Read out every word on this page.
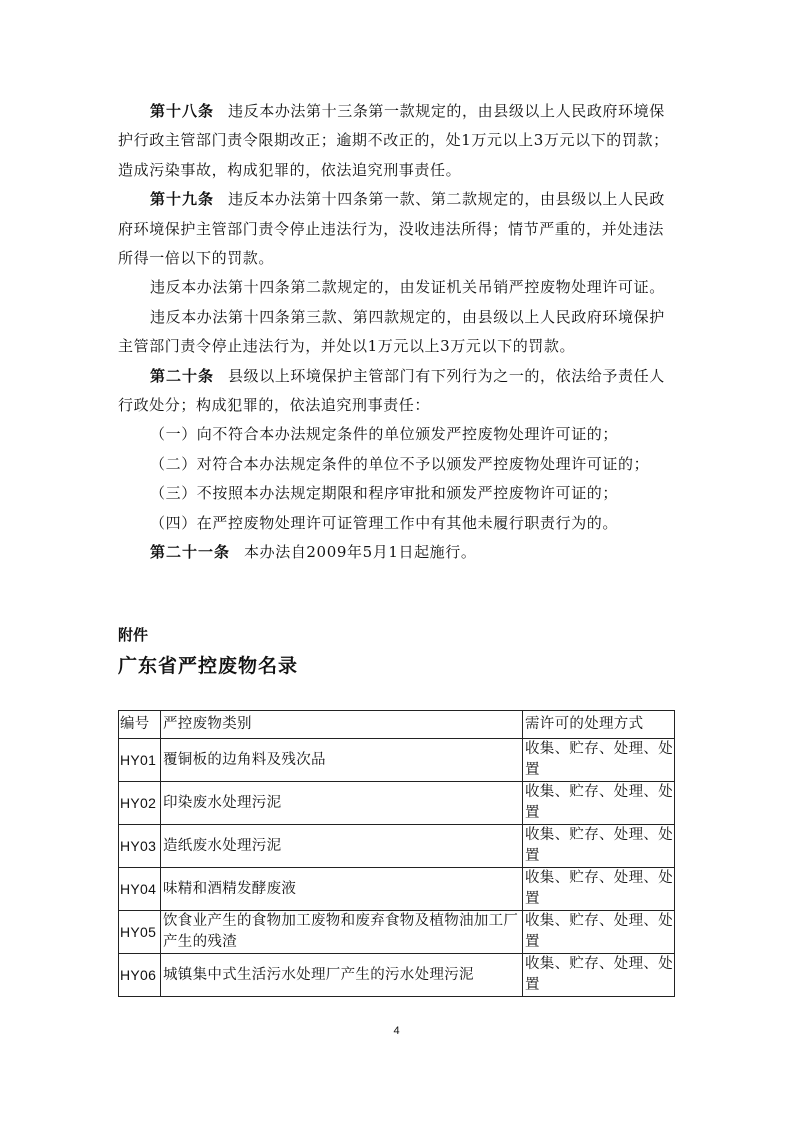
第十八条 违反本办法第十三条第一款规定的，由县级以上人民政府环境保护行政主管部门责令限期改正；逾期不改正的，处1万元以上3万元以下的罚款；造成污染事故，构成犯罪的，依法追究刑事责任。

第十九条 违反本办法第十四条第一款、第二款规定的，由县级以上人民政府环境保护主管部门责令停止违法行为，没收违法所得；情节严重的，并处违法所得一倍以下的罚款。

违反本办法第十四条第二款规定的，由发证机关吊销严控废物处理许可证。

违反本办法第十四条第三款、第四款规定的，由县级以上人民政府环境保护主管部门责令停止违法行为，并处以1万元以上3万元以下的罚款。

第二十条 县级以上环境保护主管部门有下列行为之一的，依法给予责任人行政处分；构成犯罪的，依法追究刑事责任：

（一）向不符合本办法规定条件的单位颁发严控废物处理许可证的；

（二）对符合本办法规定条件的单位不予以颁发严控废物处理许可证的；

（三）不按照本办法规定期限和程序审批和颁发严控废物许可证的；

（四）在严控废物处理许可证管理工作中有其他未履行职责行为的。

第二十一条 本办法自2009年5月1日起施行。

附件
广东省严控废物名录
编号	严控废物类别	需许可的处理方式
HY01	覆铜板的边角料及残次品	收集、贮存、处理、处置
HY02	印染废水处理污泥	收集、贮存、处理、处置
HY03	造纸废水处理污泥	收集、贮存、处理、处置
HY04	味精和酒精发酵废液	收集、贮存、处理、处置
HY05	饮食业产生的食物加工废物和废弃食物及植物油加工厂产生的残渣	收集、贮存、处理、处置
HY06	城镇集中式生活污水处理厂产生的污水处理污泥	收集、贮存、处理、处置
4
